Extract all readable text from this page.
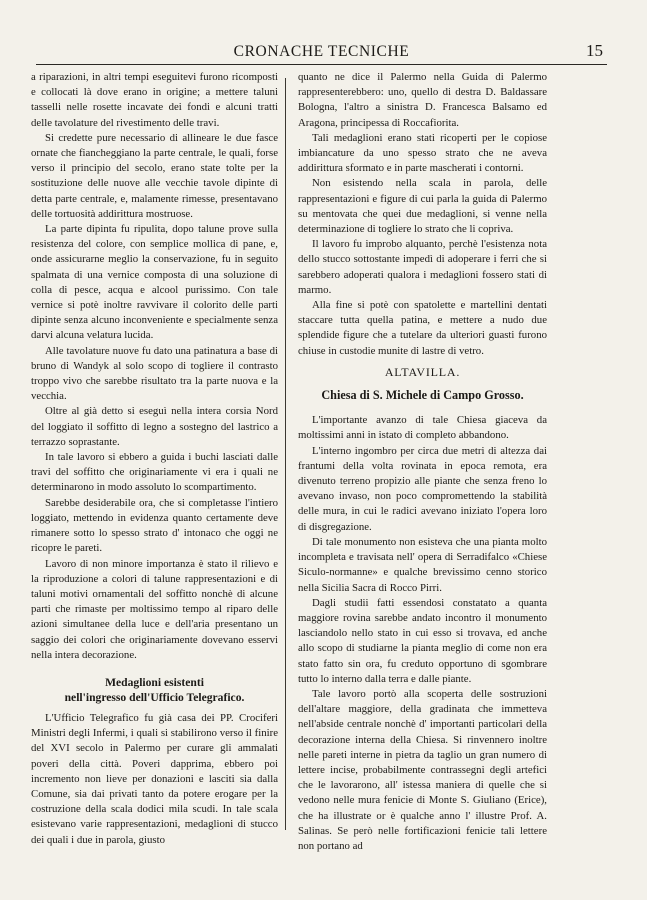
CRONACHE TECNICHE	15

a riparazioni, in altri tempi eseguitevi furono ricomposti e collocati là dove erano in origine; a mettere taluni tasselli nelle rosette incavate dei fondi e alcuni tratti delle tavolature del rivestimento delle travi.

Si credette pure necessario di allineare le due fasce ornate che fiancheggiano la parte centrale, le quali, forse verso il principio del secolo, erano state tolte per la sostituzione delle nuove alle vecchie tavole dipinte di detta parte centrale, e, malamente rimesse, presentavano delle tortuosità addirittura mostruose.

La parte dipinta fu ripulita, dopo talune prove sulla resistenza del colore, con semplice mollica di pane, e, onde assicurarne meglio la conservazione, fu in seguito spalmata di una vernice composta di una soluzione di colla di pesce, acqua e alcool purissimo. Con tale vernice si potè inoltre ravvivare il colorito delle parti dipinte senza alcuno inconveniente e specialmente senza darvi alcuna velatura lucida.

Alle tavolature nuove fu dato una patinatura a base di bruno di Wandyk al solo scopo di togliere il contrasto troppo vivo che sarebbe risultato tra la parte nuova e la vecchia.

Oltre al già detto si eseguì nella intera corsia Nord del loggiato il soffitto di legno a sostegno del lastrico a terrazzo soprastante.

In tale lavoro si ebbero a guida i buchi lasciati dalle travi del soffitto che originariamente vi era i quali ne determinarono in modo assoluto lo scompartimento.

Sarebbe desiderabile ora, che si completasse l'intiero loggiato, mettendo in evidenza quanto certamente deve rimanere sotto lo spesso strato d' intonaco che oggi ne ricopre le pareti.

Lavoro di non minore importanza è stato il rilievo e la riproduzione a colori di talune rappresentazioni e di taluni motivi ornamentali del soffitto nonchè di alcune parti che rimaste per moltissimo tempo al riparo delle azioni simultanee della luce e dell'aria presentano un saggio dei colori che originariamente dovevano esservi nella intera decorazione.

Medaglioni esistenti
nell'ingresso dell'Ufficio Telegrafico.

L'Ufficio Telegrafico fu già casa dei PP. Crociferi Ministri degli Infermi, i quali si stabilirono verso il finire del XVI secolo in Palermo per curare gli ammalati poveri della città. Poveri dapprima, ebbero poi incremento non lieve per donazioni e lasciti sia dalla Comune, sia dai privati tanto da potere erogare per la costruzione della scala dodici mila scudi. In tale scala esistevano varie rappresentazioni, medaglioni di stucco dei quali i due in parola, giusto

quanto ne dice il Palermo nella Guida di Palermo rappresenterebbero: uno, quello di destra D. Baldassare Bologna, l'altro a sinistra D. Francesca Balsamo ed Aragona, principessa di Roccafiorita.

Tali medaglioni erano stati ricoperti per le copiose imbiancature da uno spesso strato che ne aveva addirittura sformato e in parte mascherati i contorni.

Non esistendo nella scala in parola, delle rappresentazioni e figure di cui parla la guida di Palermo su mentovata che quei due medaglioni, si venne nella determinazione di togliere lo strato che li copriva.

Il lavoro fu improbo alquanto, perchè l'esistenza nota dello stucco sottostante impedì di adoperare i ferri che si sarebbero adoperati qualora i medaglioni fossero stati di marmo.

Alla fine si potè con spatolette e martellini dentati staccare tutta quella patina, e mettere a nudo due splendide figure che a tutelare da ulteriori guasti furono chiuse in custodie munite di lastre di vetro.

ALTAVILLA.
Chiesa di S. Michele di Campo Grosso.

L'importante avanzo di tale Chiesa giaceva da moltissimi anni in istato di completo abbandono.

L'interno ingombro per circa due metri di altezza dai frantumi della volta rovinata in epoca remota, era divenuto terreno propizio alle piante che senza freno lo avevano invaso, non poco compromettendo la stabilità delle mura, in cui le radici avevano iniziato l'opera loro di disgregazione.

Di tale monumento non esisteva che una pianta molto incompleta e travisata nell' opera di Serradifalco «Chiese Siculo-normanne» e qualche brevissimo cenno storico nella Sicilia Sacra di Rocco Pirri.

Dagli studii fatti essendosi constatato a quanta maggiore rovina sarebbe andato incontro il monumento lasciandolo nello stato in cui esso si trovava, ed anche allo scopo di studiarne la pianta meglio di come non era stato fatto sin ora, fu creduto opportuno di sgombrare tutto lo interno dalla terra e dalle piante.

Tale lavoro portò alla scoperta delle sostruzioni dell'altare maggiore, della gradinata che immetteva nell'abside centrale nonchè d' importanti particolari della decorazione interna della Chiesa. Si rinvennero inoltre nelle pareti interne in pietra da taglio un gran numero di lettere incise, probabilmente contrassegni degli artefici che le lavorarono, all' istessa maniera di quelle che si vedono nelle mura fenicie di Monte S. Giuliano (Erice), che ha illustrate or è qualche anno l' illustre Prof. A. Salinas. Se però nelle fortificazioni fenicie tali lettere non portano ad
